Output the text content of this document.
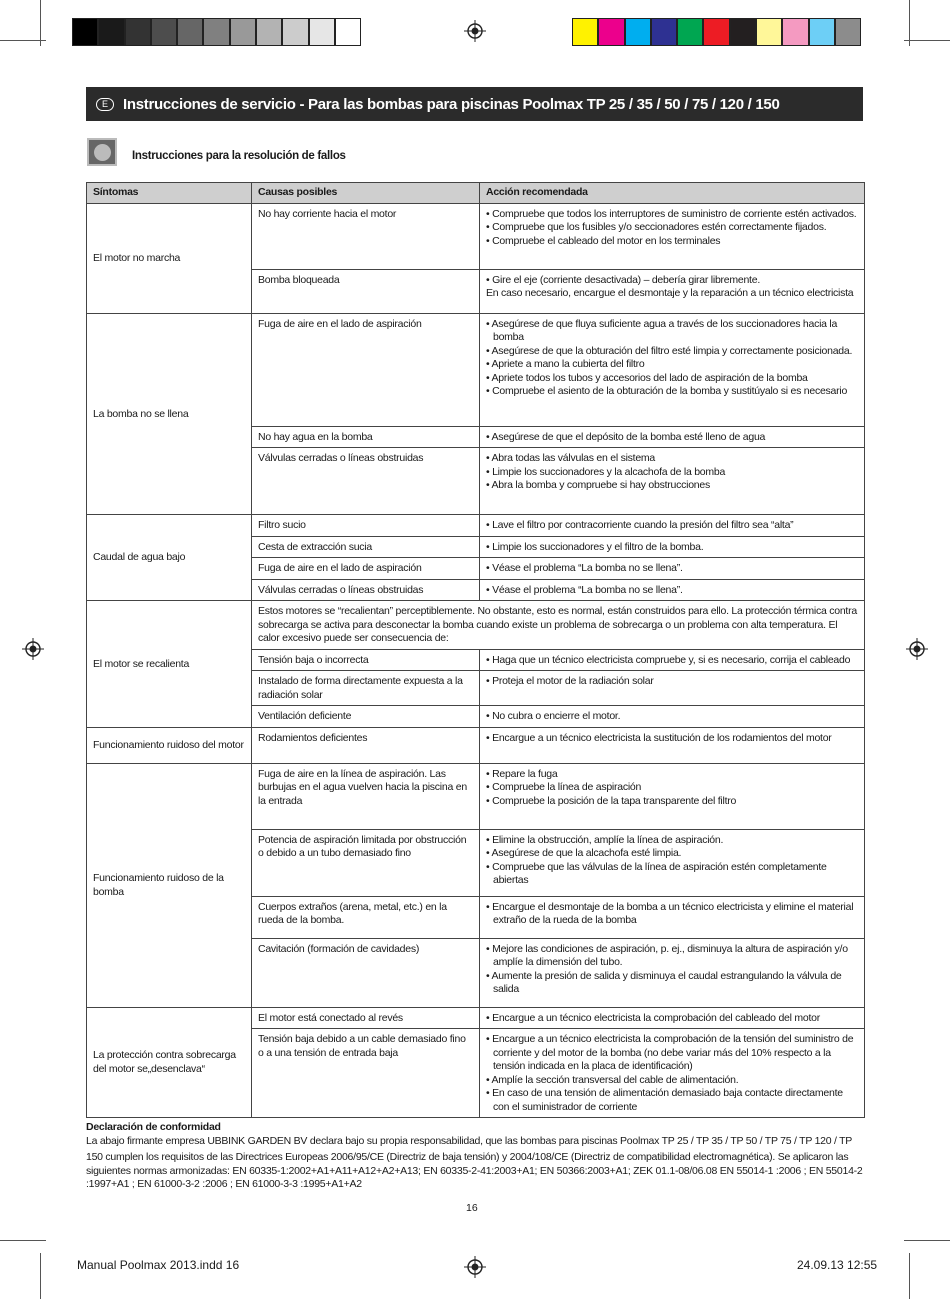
E	Instrucciones de servicio - Para las bombas para piscinas Poolmax TP 25 / 35 / 50 / 75 / 120 / 150
Instrucciones para la resolución de fallos
Síntomas	Causas posibles	Acción recomendada
El motor no marcha	No hay corriente hacia el motor	• Compruebe que todos los interruptores de suministro de corriente estén activados.
• Compruebe que los fusibles y/o seccionadores estén correctamente fijados.
• Compruebe el cableado del motor en los terminales

	Bomba bloqueada	• Gire el eje (corriente desactivada) – debería girar libremente.
En caso necesario, encargue el desmontaje y la reparación a un técnico electricista

La bomba no se llena	Fuga de aire en el lado de aspiración	• Asegúrese de que fluya suficiente agua a través de los succionadores hacia la bomba
• Asegúrese de que la obturación del filtro esté limpia y correctamente posicionada.
• Apriete a mano la cubierta del filtro
• Apriete todos los tubos y accesorios del lado de aspiración de la bomba
• Compruebe el asiento de la obturación de la bomba y sustitúyalo si es necesario

	No hay agua en la bomba	• Asegúrese de que el depósito de la bomba esté lleno de agua

	Válvulas cerradas o líneas obstruidas	• Abra todas las válvulas en el sistema
• Limpie los succionadores y la alcachofa de la bomba
• Abra la bomba y compruebe si hay obstrucciones

Caudal de agua bajo	Filtro sucio	• Lave el filtro por contracorriente cuando la presión del filtro sea “alta”

	Cesta de extracción sucia	• Limpie los succionadores y el filtro de la bomba.

	Fuga de aire en el lado de aspiración	• Véase el problema “La bomba no se llena”.

	Válvulas cerradas o líneas obstruidas	• Véase el problema “La bomba no se llena”.

El motor se recalienta	Estos motores se “recalientan” perceptiblemente. No obstante, esto es normal, están construidos para ello. La protección térmica contra sobrecarga se activa para desconectar la bomba cuando existe un problema de sobrecarga o un problema con alta temperatura. El calor excesivo puede ser consecuencia de:	
	Tensión baja o incorrecta	• Haga que un técnico electricista compruebe y, si es necesario, corrija el cableado

	Instalado de forma directamente expuesta a la radiación solar	• Proteja el motor de la radiación solar

	Ventilación deficiente	• No cubra o encierre el motor.

Funcionamiento ruidoso del motor	Rodamientos deficientes	• Encargue a un técnico electricista la sustitución de los rodamientos del motor

Funcionamiento ruidoso de la bomba	Fuga de aire en la línea de aspiración. Las burbujas en el agua vuelven hacia la piscina en la entrada	• Repare la fuga
• Compruebe la línea de aspiración
• Compruebe la posición de la tapa transparente del filtro

	Potencia de aspiración limitada por obstrucción o debido a un tubo demasiado fino	• Elimine la obstrucción, amplíe la línea de aspiración.
• Asegúrese de que la alcachofa esté limpia.
• Compruebe que las válvulas de la línea de aspiración estén completamente abiertas

	Cuerpos extraños (arena, metal, etc.) en la rueda de la bomba.	• Encargue el desmontaje de la bomba a un técnico electricista y elimine el material extraño de la rueda de la bomba

	Cavitación (formación de cavidades)	• Mejore las condiciones de aspiración, p. ej., disminuya la altura de aspiración y/o amplíe la dimensión del tubo.
• Aumente la presión de salida y disminuya el caudal estrangulando la válvula de salida

La protección contra sobrecarga del motor se„desenclava“	El motor está conectado al revés	• Encargue a un técnico electricista la comprobación del cableado del motor

	Tensión baja debido a un cable demasiado fino o a una tensión de entrada baja	• Encargue a un técnico electricista la comprobación de la tensión del suministro de corriente y del motor de la bomba (no debe variar más del 10% respecto a la tensión indicada en la placa de identificación)
• Amplíe la sección transversal del cable de alimentación.
• En caso de una tensión de alimentación demasiado baja contacte directamente con el suministrador de corriente
Declaración de conformidad
La abajo firmante empresa UBBINK GARDEN BV declara bajo su propia responsabilidad, que las bombas para piscinas Poolmax TP 25 / TP 35 / TP 50 / TP 75 / TP 120 / TP
150 cumplen los requisitos de las Directrices Europeas 2006/95/CE (Directriz de baja tensión) y 2004/108/CE (Directriz de compatibilidad electromagnética). Se aplicaron las siguientes normas armonizadas: EN 60335-1:2002+A1+A11+A12+A2+A13; EN 60335-2-41:2003+A1; EN 50366:2003+A1; ZEK 01.1-08/06.08 EN 55014-1 :2006 ; EN 55014-2 :1997+A1 ; EN 61000-3-2 :2006 ; EN 61000-3-3 :1995+A1+A2
16
Manual Poolmax 2013.indd 16	24.09.13 12:55
